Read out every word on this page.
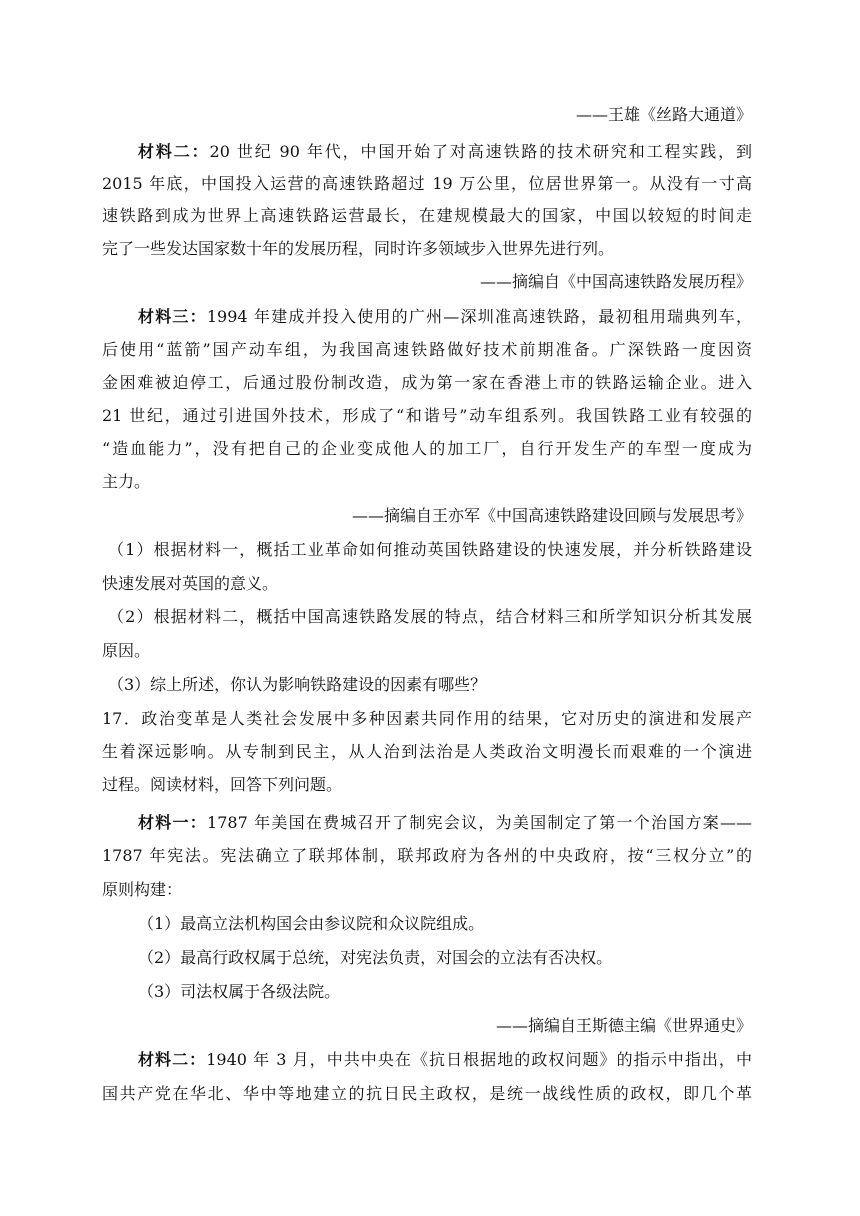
——王雄《丝路大通道》
材料二：20 世纪 90 年代，中国开始了对高速铁路的技术研究和工程实践，到
2015 年底，中国投入运营的高速铁路超过 19 万公里，位居世界第一。从没有一寸高
速铁路到成为世界上高速铁路运营最长，在建规模最大的国家，中国以较短的时间走
完了一些发达国家数十年的发展历程，同时许多领域步入世界先进行列。
——摘编自《中国高速铁路发展历程》
材料三：1994 年建成并投入使用的广州—深圳准高速铁路，最初租用瑞典列车，
后使用“蓝箭”国产动车组，为我国高速铁路做好技术前期准备。广深铁路一度因资
金困难被迫停工，后通过股份制改造，成为第一家在香港上市的铁路运输企业。进入
21 世纪，通过引进国外技术，形成了“和谐号”动车组系列。我国铁路工业有较强的
“造血能力”，没有把自己的企业变成他人的加工厂，自行开发生产的车型一度成为
主力。
——摘编自王亦军《中国高速铁路建设回顾与发展思考》
（1）根据材料一，概括工业革命如何推动英国铁路建设的快速发展，并分析铁路建设
快速发展对英国的意义。
（2）根据材料二，概括中国高速铁路发展的特点，结合材料三和所学知识分析其发展
原因。
（3）综上所述，你认为影响铁路建设的因素有哪些？
17．政治变革是人类社会发展中多种因素共同作用的结果，它对历史的演进和发展产
生着深远影响。从专制到民主，从人治到法治是人类政治文明漫长而艰难的一个演进
过程。阅读材料，回答下列问题。
材料一：1787 年美国在费城召开了制宪会议，为美国制定了第一个治国方案——
1787 年宪法。宪法确立了联邦体制，联邦政府为各州的中央政府，按“三权分立”的
原则构建：
（1）最高立法机构国会由参议院和众议院组成。
（2）最高行政权属于总统，对宪法负责，对国会的立法有否决权。
（3）司法权属于各级法院。
——摘编自王斯德主编《世界通史》
材料二：1940 年 3 月，中共中央在《抗日根据地的政权问题》的指示中指出，中
国共产党在华北、华中等地建立的抗日民主政权，是统一战线性质的政权，即几个革
